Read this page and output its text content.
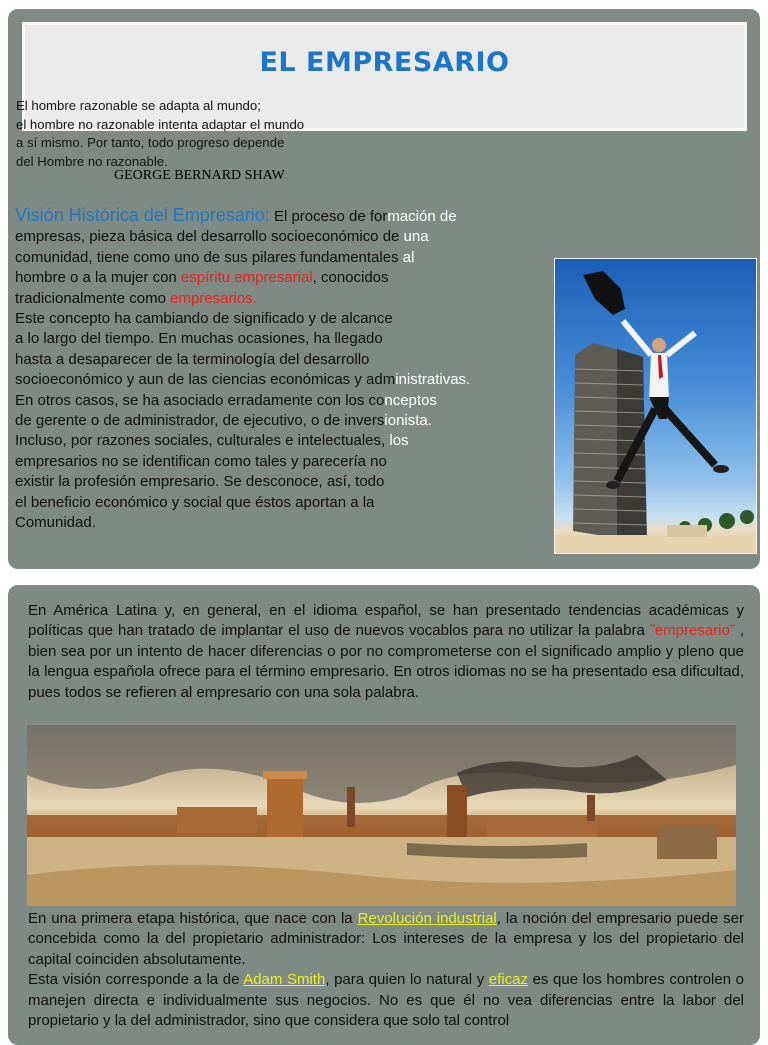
EL EMPRESARIO
El hombre razonable se adapta al mundo;
el hombre no razonable intenta adaptar el mundo
a sí mismo. Por tanto, todo progreso depende
del Hombre no razonable.
GEORGE BERNARD SHAW
Visión Histórica del Empresario: El proceso de formación de
empresas, pieza básica del desarrollo socioeconómico de una
comunidad, tiene como uno de sus pilares fundamentales al
hombre o a la mujer con espíritu empresarial, conocidos
tradicionalmente como empresarios.
Este concepto ha cambiando de significado y de alcance
a lo largo del tiempo. En muchas ocasiones, ha llegado
hasta a desaparecer de la terminología del desarrollo
socioeconómico y aun de las ciencias económicas y administrativas.
En otros casos, se ha asociado erradamente con los conceptos
de gerente o de administrador, de ejecutivo, o de inversionista.
Incluso, por razones sociales, culturales e intelectuales, los
empresarios no se identifican como tales y parecería no
existir la profesión empresario. Se desconoce, así, todo
el beneficio económico y social que éstos aportan a la
Comunidad.
En América Latina y, en general, en el idioma español, se han presentado tendencias académicas y políticas que han tratado de implantar el uso de nuevos vocablos para no utilizar la palabra ˜empresario˜ , bien sea por un intento de hacer diferencias o por no comprometerse con el significado amplio y pleno que la lengua española ofrece para el término empresario. En otros idiomas no se ha presentado esa dificultad, pues todos se refieren al empresario con una sola palabra.
En una primera etapa histórica, que nace con la Revolución industrial, la noción del empresario puede ser concebida como la del propietario administrador: Los intereses de la empresa y los del propietario del capital coinciden absolutamente.
Esta visión corresponde a la de Adam Smith, para quien lo natural y eficaz es que los hombres controlen o manejen directa e individualmente sus negocios. No es que él no vea diferencias entre la labor del propietario y la del administrador, sino que considera que solo tal control
